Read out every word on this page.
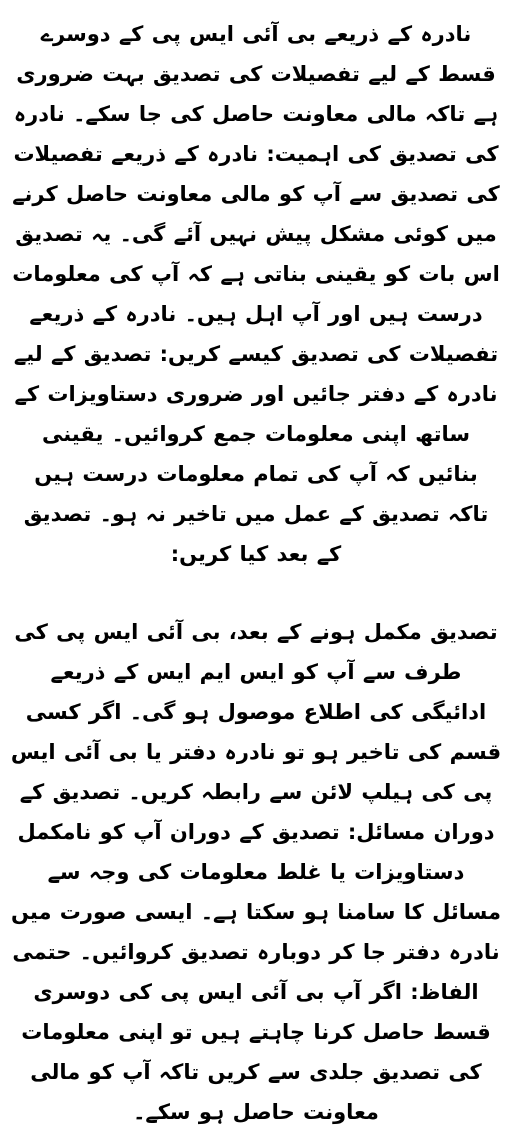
نادرہ کے ذریعے بی آئی ایس پی کے دوسرے قسط کے لیے تفصیلات کی تصدیق بہت ضروری ہے تاکہ مالی معاونت حاصل کی جا سکے۔ نادرہ کی تصدیق کی اہمیت: نادرہ کے ذریعے تفصیلات کی تصدیق سے آپ کو مالی معاونت حاصل کرنے میں کوئی مشکل پیش نہیں آئے گی۔ یہ تصدیق اس بات کو یقینی بناتی ہے کہ آپ کی معلومات درست ہیں اور آپ اہل ہیں۔ نادرہ کے ذریعے تفصیلات کی تصدیق کیسے کریں: تصدیق کے لیے نادرہ کے دفتر جائیں اور ضروری دستاویزات کے ساتھ اپنی معلومات جمع کروائیں۔ یقینی بنائیں کہ آپ کی تمام معلومات درست ہیں تاکہ تصدیق کے عمل میں تاخیر نہ ہو۔ تصدیق کے بعد کیا کریں:

تصدیق مکمل ہونے کے بعد، بی آئی ایس پی کی طرف سے آپ کو ایس ایم ایس کے ذریعے ادائیگی کی اطلاع موصول ہو گی۔ اگر کسی قسم کی تاخیر ہو تو نادرہ دفتر یا بی آئی ایس پی کی ہیلپ لائن سے رابطہ کریں۔ تصدیق کے دوران مسائل: تصدیق کے دوران آپ کو نامکمل دستاویزات یا غلط معلومات کی وجہ سے مسائل کا سامنا ہو سکتا ہے۔ ایسی صورت میں نادرہ دفتر جا کر دوبارہ تصدیق کروائیں۔ حتمی الفاظ: اگر آپ بی آئی ایس پی کی دوسری قسط حاصل کرنا چاہتے ہیں تو اپنی معلومات کی تصدیق جلدی سے کریں تاکہ آپ کو مالی معاونت حاصل ہو سکے۔
